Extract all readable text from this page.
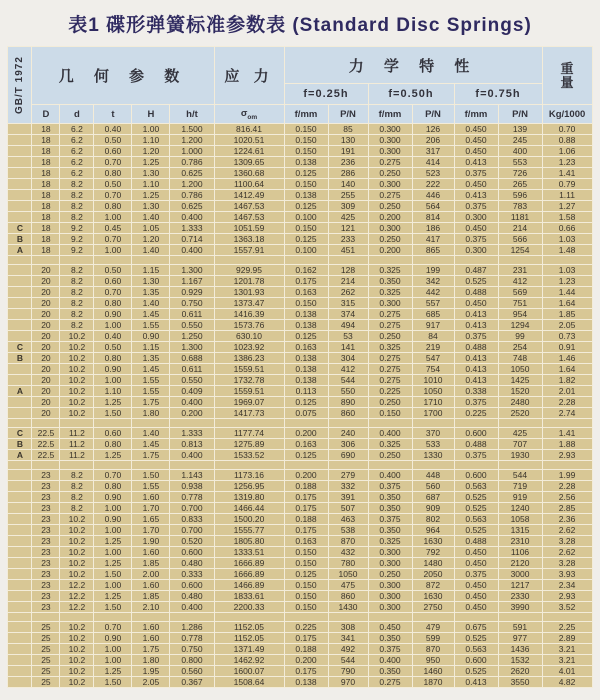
表1 碟形弹簧标准参数表 (Standard Disc Springs)
GB/T 1972	几 何 参 数					应 力	力 学 特 性						重
量
							f=0.25h		f=0.50h		f=0.75h		
	D	d	t	H	h/t	$\sigma_{om}$	f/mm	P/N	f/mm	P/N	f/mm	P/N	Kg/1000
	18	6.2	0.40	1.00	1.500	816.41	0.150	85	0.300	126	0.450	139	0.70
	18	6.2	0.50	1.10	1.200	1020.51	0.150	130	0.300	206	0.450	245	0.88
	18	6.2	0.60	1.20	1.000	1224.61	0.150	191	0.300	317	0.450	400	1.06
	18	6.2	0.70	1.25	0.786	1309.65	0.138	236	0.275	414	0.413	553	1.23
	18	6.2	0.80	1.30	0.625	1360.68	0.125	286	0.250	523	0.375	726	1.41
	18	8.2	0.50	1.10	1.200	1100.64	0.150	140	0.300	222	0.450	265	0.79
	18	8.2	0.70	1.25	0.786	1412.49	0.138	255	0.275	446	0.413	596	1.11
	18	8.2	0.80	1.30	0.625	1467.53	0.125	309	0.250	564	0.375	783	1.27
	18	8.2	1.00	1.40	0.400	1467.53	0.100	425	0.200	814	0.300	1181	1.58
C	18	9.2	0.45	1.05	1.333	1051.59	0.150	121	0.300	186	0.450	214	0.66
B	18	9.2	0.70	1.20	0.714	1363.18	0.125	233	0.250	417	0.375	566	1.03
A	18	9.2	1.00	1.40	0.400	1557.91	0.100	451	0.200	865	0.300	1254	1.48

	20	8.2	0.50	1.15	1.300	929.95	0.162	128	0.325	199	0.487	231	1.03
	20	8.2	0.60	1.30	1.167	1201.78	0.175	214	0.350	342	0.525	412	1.23
	20	8.2	0.70	1.35	0.929	1301.93	0.163	262	0.325	442	0.488	569	1.44
	20	8.2	0.80	1.40	0.750	1373.47	0.150	315	0.300	557	0.450	751	1.64
	20	8.2	0.90	1.45	0.611	1416.39	0.138	374	0.275	685	0.413	954	1.85
	20	8.2	1.00	1.55	0.550	1573.76	0.138	494	0.275	917	0.413	1294	2.05
	20	10.2	0.40	0.90	1.250	630.10	0.125	53	0.250	84	0.375	99	0.73
C	20	10.2	0.50	1.15	1.300	1023.92	0.163	141	0.325	219	0.488	254	0.91
B	20	10.2	0.80	1.35	0.688	1386.23	0.138	304	0.275	547	0.413	748	1.46
	20	10.2	0.90	1.45	0.611	1559.51	0.138	412	0.275	754	0.413	1050	1.64
	20	10.2	1.00	1.55	0.550	1732.78	0.138	544	0.275	1010	0.413	1425	1.82
A	20	10.2	1.10	1.55	0.409	1559.51	0.113	550	0.225	1050	0.338	1520	2.01
	20	10.2	1.25	1.75	0.400	1969.07	0.125	890	0.250	1710	0.375	2480	2.28
	20	10.2	1.50	1.80	0.200	1417.73	0.075	860	0.150	1700	0.225	2520	2.74

C	22.5	11.2	0.60	1.40	1.333	1177.74	0.200	240	0.400	370	0.600	425	1.41
B	22.5	11.2	0.80	1.45	0.813	1275.89	0.163	306	0.325	533	0.488	707	1.88
A	22.5	11.2	1.25	1.75	0.400	1533.52	0.125	690	0.250	1330	0.375	1930	2.93

	23	8.2	0.70	1.50	1.143	1173.16	0.200	279	0.400	448	0.600	544	1.99
	23	8.2	0.80	1.55	0.938	1256.95	0.188	332	0.375	560	0.563	719	2.28
	23	8.2	0.90	1.60	0.778	1319.80	0.175	391	0.350	687	0.525	919	2.56
	23	8.2	1.00	1.70	0.700	1466.44	0.175	507	0.350	909	0.525	1240	2.85
	23	10.2	0.90	1.65	0.833	1500.20	0.188	463	0.375	802	0.563	1058	2.36
	23	10.2	1.00	1.70	0.700	1555.77	0.175	538	0.350	964	0.525	1315	2.62
	23	10.2	1.25	1.90	0.520	1805.80	0.163	870	0.325	1630	0.488	2310	3.28
	23	10.2	1.00	1.60	0.600	1333.51	0.150	432	0.300	792	0.450	1106	2.62
	23	10.2	1.25	1.85	0.480	1666.89	0.150	780	0.300	1480	0.450	2120	3.28
	23	10.2	1.50	2.00	0.333	1666.89	0.125	1050	0.250	2050	0.375	3000	3.93
	23	12.2	1.00	1.60	0.600	1466.89	0.150	475	0.300	872	0.450	1217	2.34
	23	12.2	1.25	1.85	0.480	1833.61	0.150	860	0.300	1630	0.450	2330	2.93
	23	12.2	1.50	2.10	0.400	2200.33	0.150	1430	0.300	2750	0.450	3990	3.52

	25	10.2	0.70	1.60	1.286	1152.05	0.225	308	0.450	479	0.675	591	2.25
	25	10.2	0.90	1.60	0.778	1152.05	0.175	341	0.350	599	0.525	977	2.89
	25	10.2	1.00	1.75	0.750	1371.49	0.188	492	0.375	870	0.563	1436	3.21
	25	10.2	1.00	1.80	0.800	1462.92	0.200	544	0.400	950	0.600	1532	3.21
	25	10.2	1.25	1.95	0.560	1600.07	0.175	790	0.350	1460	0.525	2620	4.01
	25	10.2	1.50	2.05	0.367	1508.64	0.138	970	0.275	1870	0.413	3550	4.82
